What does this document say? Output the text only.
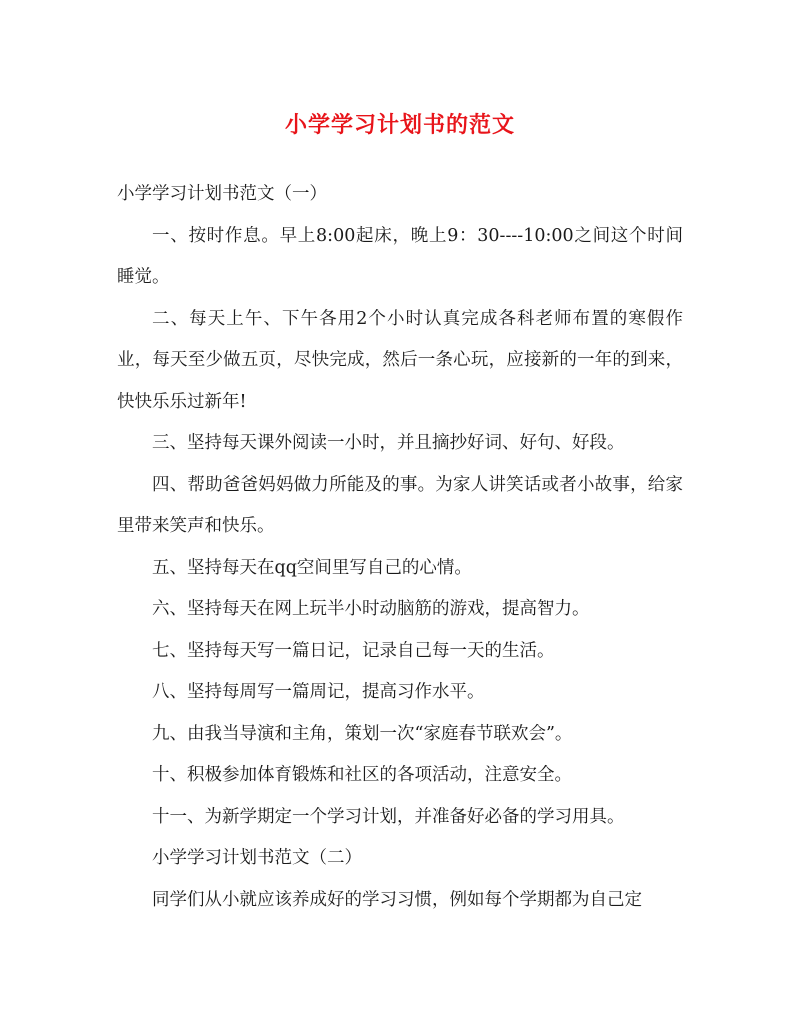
小学学习计划书的范文

小学学习计划书范文（一）

一、按时作息。早上8:00起床，晚上9：30----10:00之间这个时间睡觉。

二、每天上午、下午各用2个小时认真完成各科老师布置的寒假作业，每天至少做五页，尽快完成，然后一条心玩，应接新的一年的到来，快快乐乐过新年!

三、坚持每天课外阅读一小时，并且摘抄好词、好句、好段。

四、帮助爸爸妈妈做力所能及的事。为家人讲笑话或者小故事，给家里带来笑声和快乐。

五、坚持每天在qq空间里写自己的心情。

六、坚持每天在网上玩半小时动脑筋的游戏，提高智力。

七、坚持每天写一篇日记，记录自己每一天的生活。

八、坚持每周写一篇周记，提高习作水平。

九、由我当导演和主角，策划一次“家庭春节联欢会”。

十、积极参加体育锻炼和社区的各项活动，注意安全。

十一、为新学期定一个学习计划，并准备好必备的学习用具。

小学学习计划书范文（二）

同学们从小就应该养成好的学习习惯，例如每个学期都为自己定
